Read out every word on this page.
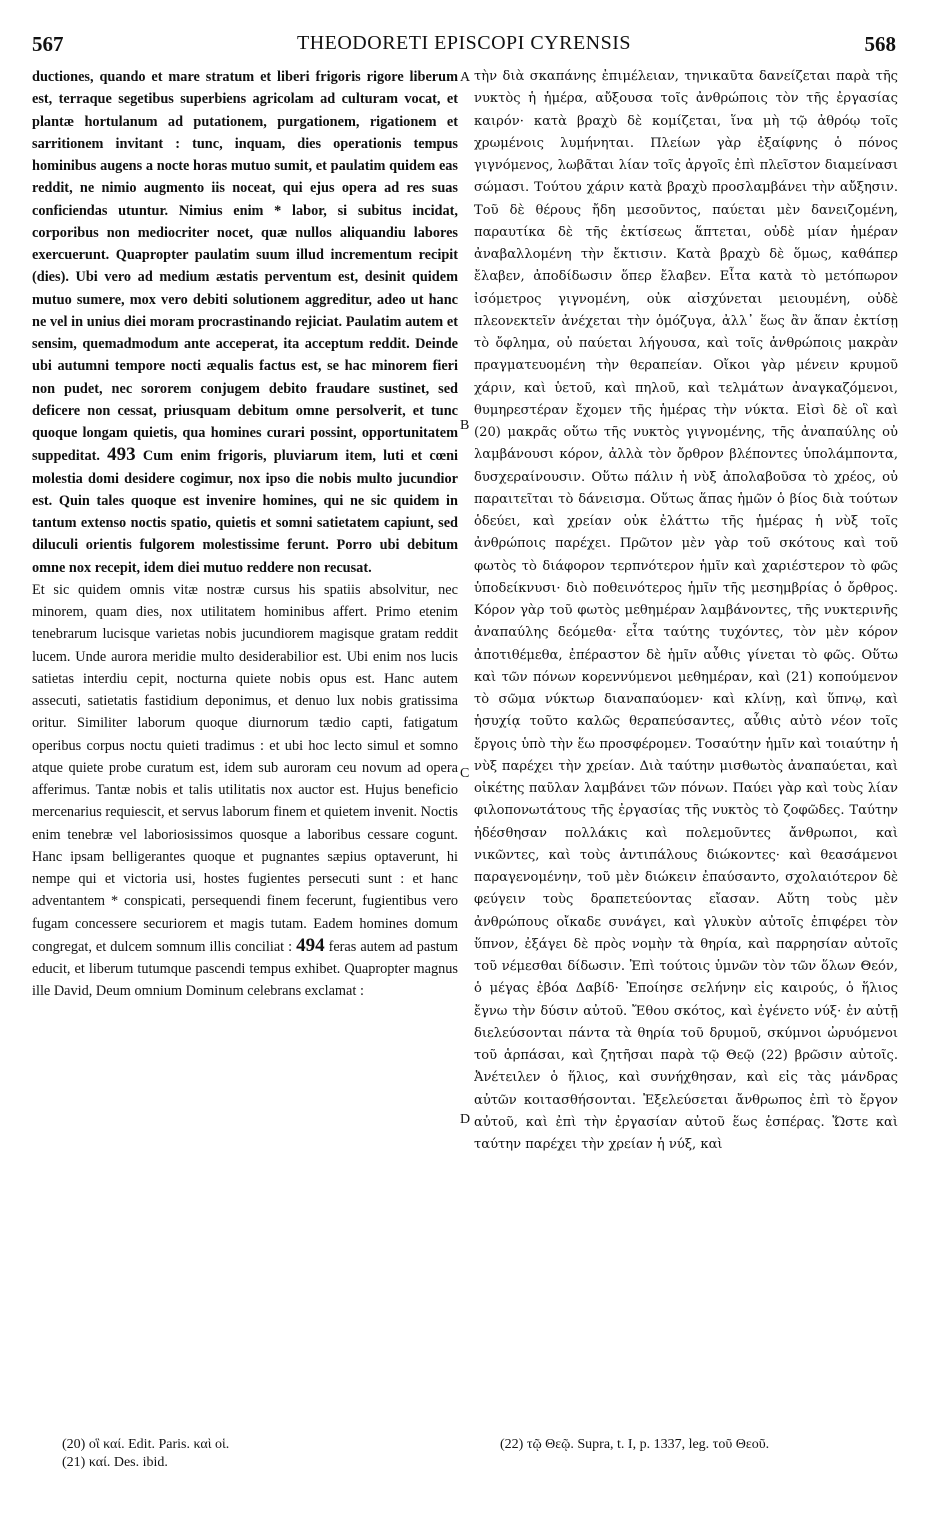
567	THEODORETI EPISCOPI CYRENSIS	568

ductiones, quando et mare stratum et liberi frigoris rigore liberum est, terraque segetibus superbiens agricolam ad culturam vocat, et plantæ hortulanum ad putationem, purgationem, rigationem et sarritionem invitant : tunc, inquam, dies operationis tempus hominibus augens a nocte horas mutuo sumit, et paulatim quidem eas reddit, ne nimio augmento iis noceat, qui ejus opera ad res suas conficiendas utuntur. Nimius enim * labor, si subitus incidat, corporibus non mediocriter nocet, quæ nullos aliquandiu labores exercuerunt. Quapropter paulatim suum illud incrementum recipit (dies). Ubi vero ad medium æstatis perventum est, desinit quidem mutuo sumere, mox vero debiti solutionem aggreditur, adeo ut hanc ne vel in unius diei moram procrastinando rejiciat. Paulatim autem et sensim, quemadmodum ante acceperat, ita acceptum reddit. Deinde ubi autumni tempore nocti æqualis factus est, se hac minorem fieri non pudet, nec sororem conjugem debito fraudare sustinet, sed deficere non cessat, priusquam debitum omne persolverit, et tunc quoque longam quietis, qua homines curari possint, opportunitatem suppeditat. 493 Cum enim frigoris, pluviarum item, luti et cœni molestia domi desidere cogimur, nox ipso die nobis multo jucundior est. Quin tales quoque est invenire homines, qui ne sic quidem in tantum extenso noctis spatio, quietis et somni satietatem capiunt, sed diluculi orientis fulgorem molestissime ferunt. Porro ubi debitum omne nox recepit, idem diei mutuo reddere non recusat.

Et sic quidem omnis vitæ nostræ cursus his spatiis absolvitur, nec minorem, quam dies, nox utilitatem hominibus affert. Primo etenim tenebrarum lucisque varietas nobis jucundiorem magisque gratam reddit lucem. Unde aurora meridie multo desiderabilior est. Ubi enim nos lucis satietas interdiu cepit, nocturna quiete nobis opus est. Hanc autem assecuti, satietatis fastidium deponimus, et denuo lux nobis gratissima oritur. Similiter laborum quoque diurnorum tædio capti, fatigatum operibus corpus noctu quieti tradimus : et ubi hoc lecto simul et somno atque quiete probe curatum est, idem sub auroram ceu novum ad opera afferimus. Tantæ nobis et talis utilitatis nox auctor est. Hujus beneficio mercenarius requiescit, et servus laborum finem et quietem invenit. Noctis enim tenebræ vel laboriosissimos quosque a laboribus cessare cogunt. Hanc ipsam belligerantes quoque et pugnantes sæpius optaverunt, hi nempe qui et victoria usi, hostes fugientes persecuti sunt : et hanc adventantem * conspicati, persequendi finem fecerunt, fugientibus vero fugam concessere securiorem et magis tutam. Eadem homines domum congregat, et dulcem somnum illis conciliat : 494 feras autem ad pastum educit, et liberum tutumque pascendi tempus exhibet. Quapropter magnus ille David, Deum omnium Dominum celebrans exclamat :

A
B
C
D

τὴν διὰ σκαπάνης ἐπιμέλειαν, τηνικαῦτα δανείζεται παρὰ τῆς νυκτὸς ἡ ἡμέρα, αὔξουσα τοῖς ἀνθρώποις τὸν τῆς ἐργασίας καιρόν· κατὰ βραχὺ δὲ κομίζεται, ἵνα μὴ τῷ ἀθρόῳ τοῖς χρωμένοις λυμήνηται. Πλείων γὰρ ἐξαίφνης ὁ πόνος γιγνόμενος, λωβᾶται λίαν τοῖς ἀργοῖς ἐπὶ πλεῖστον διαμείνασι σώμασι. Τούτου χάριν κατὰ βραχὺ προσλαμβάνει τὴν αὔξησιν. Τοῦ δὲ θέρους ἤδη μεσοῦντος, παύεται μὲν δανειζομένη, παραυτίκα δὲ τῆς ἐκτίσεως ἅπτεται, οὐδὲ μίαν ἡμέραν ἀναβαλλομένη τὴν ἔκτισιν. Κατὰ βραχὺ δὲ ὅμως, καθάπερ ἔλαβεν, ἀποδίδωσιν ὅπερ ἔλαβεν. Εἶτα κατὰ τὸ μετόπωρον ἰσόμετρος γιγνομένη, οὐκ αἰσχύνεται μειουμένη, οὐδὲ πλεονεκτεῖν ἀνέχεται τὴν ὁμόζυγα, ἀλλ᾽ ἕως ἂν ἅπαν ἐκτίσῃ τὸ ὄφλημα, οὐ παύεται λήγουσα, καὶ τοῖς ἀνθρώποις μακρὰν πραγματευομένη τὴν θεραπείαν. Οἴκοι γὰρ μένειν κρυμοῦ χάριν, καὶ ὑετοῦ, καὶ πηλοῦ, καὶ τελμάτων ἀναγκαζόμενοι, θυμηρεστέραν ἔχομεν τῆς ἡμέρας τὴν νύκτα. Εἰσὶ δὲ οἳ καὶ (20) μακρᾶς οὕτω τῆς νυκτὸς γιγνομένης, τῆς ἀναπαύλης οὐ λαμβάνουσι κόρον, ἀλλὰ τὸν ὄρθρον βλέποντες ὑπολάμποντα, δυσχεραίνουσιν. Οὕτω πάλιν ἡ νὺξ ἀπολαβοῦσα τὸ χρέος, οὐ παραιτεῖται τὸ δάνεισμα. Οὕτως ἅπας ἡμῶν ὁ βίος διὰ τούτων ὁδεύει, καὶ χρείαν οὐκ ἐλάττω τῆς ἡμέρας ἡ νὺξ τοῖς ἀνθρώποις παρέχει. Πρῶτον μὲν γὰρ τοῦ σκότους καὶ τοῦ φωτὸς τὸ διάφορον τερπνότερον ἡμῖν καὶ χαριέστερον τὸ φῶς ὑποδείκνυσι· διὸ ποθεινότερος ἡμῖν τῆς μεσημβρίας ὁ ὄρθρος. Κόρον γὰρ τοῦ φωτὸς μεθημέραν λαμβάνοντες, τῆς νυκτερινῆς ἀναπαύλης δεόμεθα· εἶτα ταύτης τυχόντες, τὸν μὲν κόρον ἀποτιθέμεθα, ἐπέραστον δὲ ἡμῖν αὖθις γίνεται τὸ φῶς. Οὕτω καὶ τῶν πόνων κορεννύμενοι μεθημέραν, καὶ (21) κοπούμενον τὸ σῶμα νύκτωρ διαναπαύομεν· καὶ κλίνῃ, καὶ ὕπνῳ, καὶ ἡσυχίᾳ τοῦτο καλῶς θεραπεύσαντες, αὖθις αὐτὸ νέον τοῖς ἔργοις ὑπὸ τὴν ἕω προσφέρομεν. Τοσαύτην ἡμῖν καὶ τοιαύτην ἡ νὺξ παρέχει τὴν χρείαν. Διὰ ταύτην μισθωτὸς ἀναπαύεται, καὶ οἰκέτης παῦλαν λαμβάνει τῶν πόνων. Παύει γὰρ καὶ τοὺς λίαν φιλοπονωτάτους τῆς ἐργασίας τῆς νυκτὸς τὸ ζοφῶδες. Ταύτην ἠδέσθησαν πολλάκις καὶ πολεμοῦντες ἄνθρωποι, καὶ νικῶντες, καὶ τοὺς ἀντιπάλους διώκοντες· καὶ θεασάμενοι παραγενομένην, τοῦ μὲν διώκειν ἐπαύσαντο, σχολαιότερον δὲ φεύγειν τοὺς δραπετεύοντας εἴασαν. Αὕτη τοὺς μὲν ἀνθρώπους οἴκαδε συνάγει, καὶ γλυκὺν αὐτοῖς ἐπιφέρει τὸν ὕπνον, ἐξάγει δὲ πρὸς νομὴν τὰ θηρία, καὶ παρρησίαν αὐτοῖς τοῦ νέμεσθαι δίδωσιν. Ἐπὶ τούτοις ὑμνῶν τὸν τῶν ὅλων Θεόν, ὁ μέγας ἐβόα Δαβίδ· Ἐποίησε σελήνην εἰς καιρούς, ὁ ἥλιος ἔγνω τὴν δύσιν αὐτοῦ. Ἔθου σκότος, καὶ ἐγένετο νύξ· ἐν αὐτῇ διελεύσονται πάντα τὰ θηρία τοῦ δρυμοῦ, σκύμνοι ὠρυόμενοι τοῦ ἁρπάσαι, καὶ ζητῆσαι παρὰ τῷ Θεῷ (22) βρῶσιν αὐτοῖς. Ἀνέτειλεν ὁ ἥλιος, καὶ συνήχθησαν, καὶ εἰς τὰς μάνδρας αὐτῶν κοιτασθήσονται. Ἐξελεύσεται ἄνθρωπος ἐπὶ τὸ ἔργον αὐτοῦ, καὶ ἐπὶ τὴν ἐργασίαν αὐτοῦ ἕως ἑσπέρας. Ὥστε καὶ ταύτην παρέχει τὴν χρείαν ἡ νύξ, καὶ

(20) οἳ καί. Edit. Paris. καὶ οἱ.

(21) καί. Des. ibid.

(22) τῷ Θεῷ. Supra, t. I, p. 1337, leg. τοῦ Θεοῦ.
